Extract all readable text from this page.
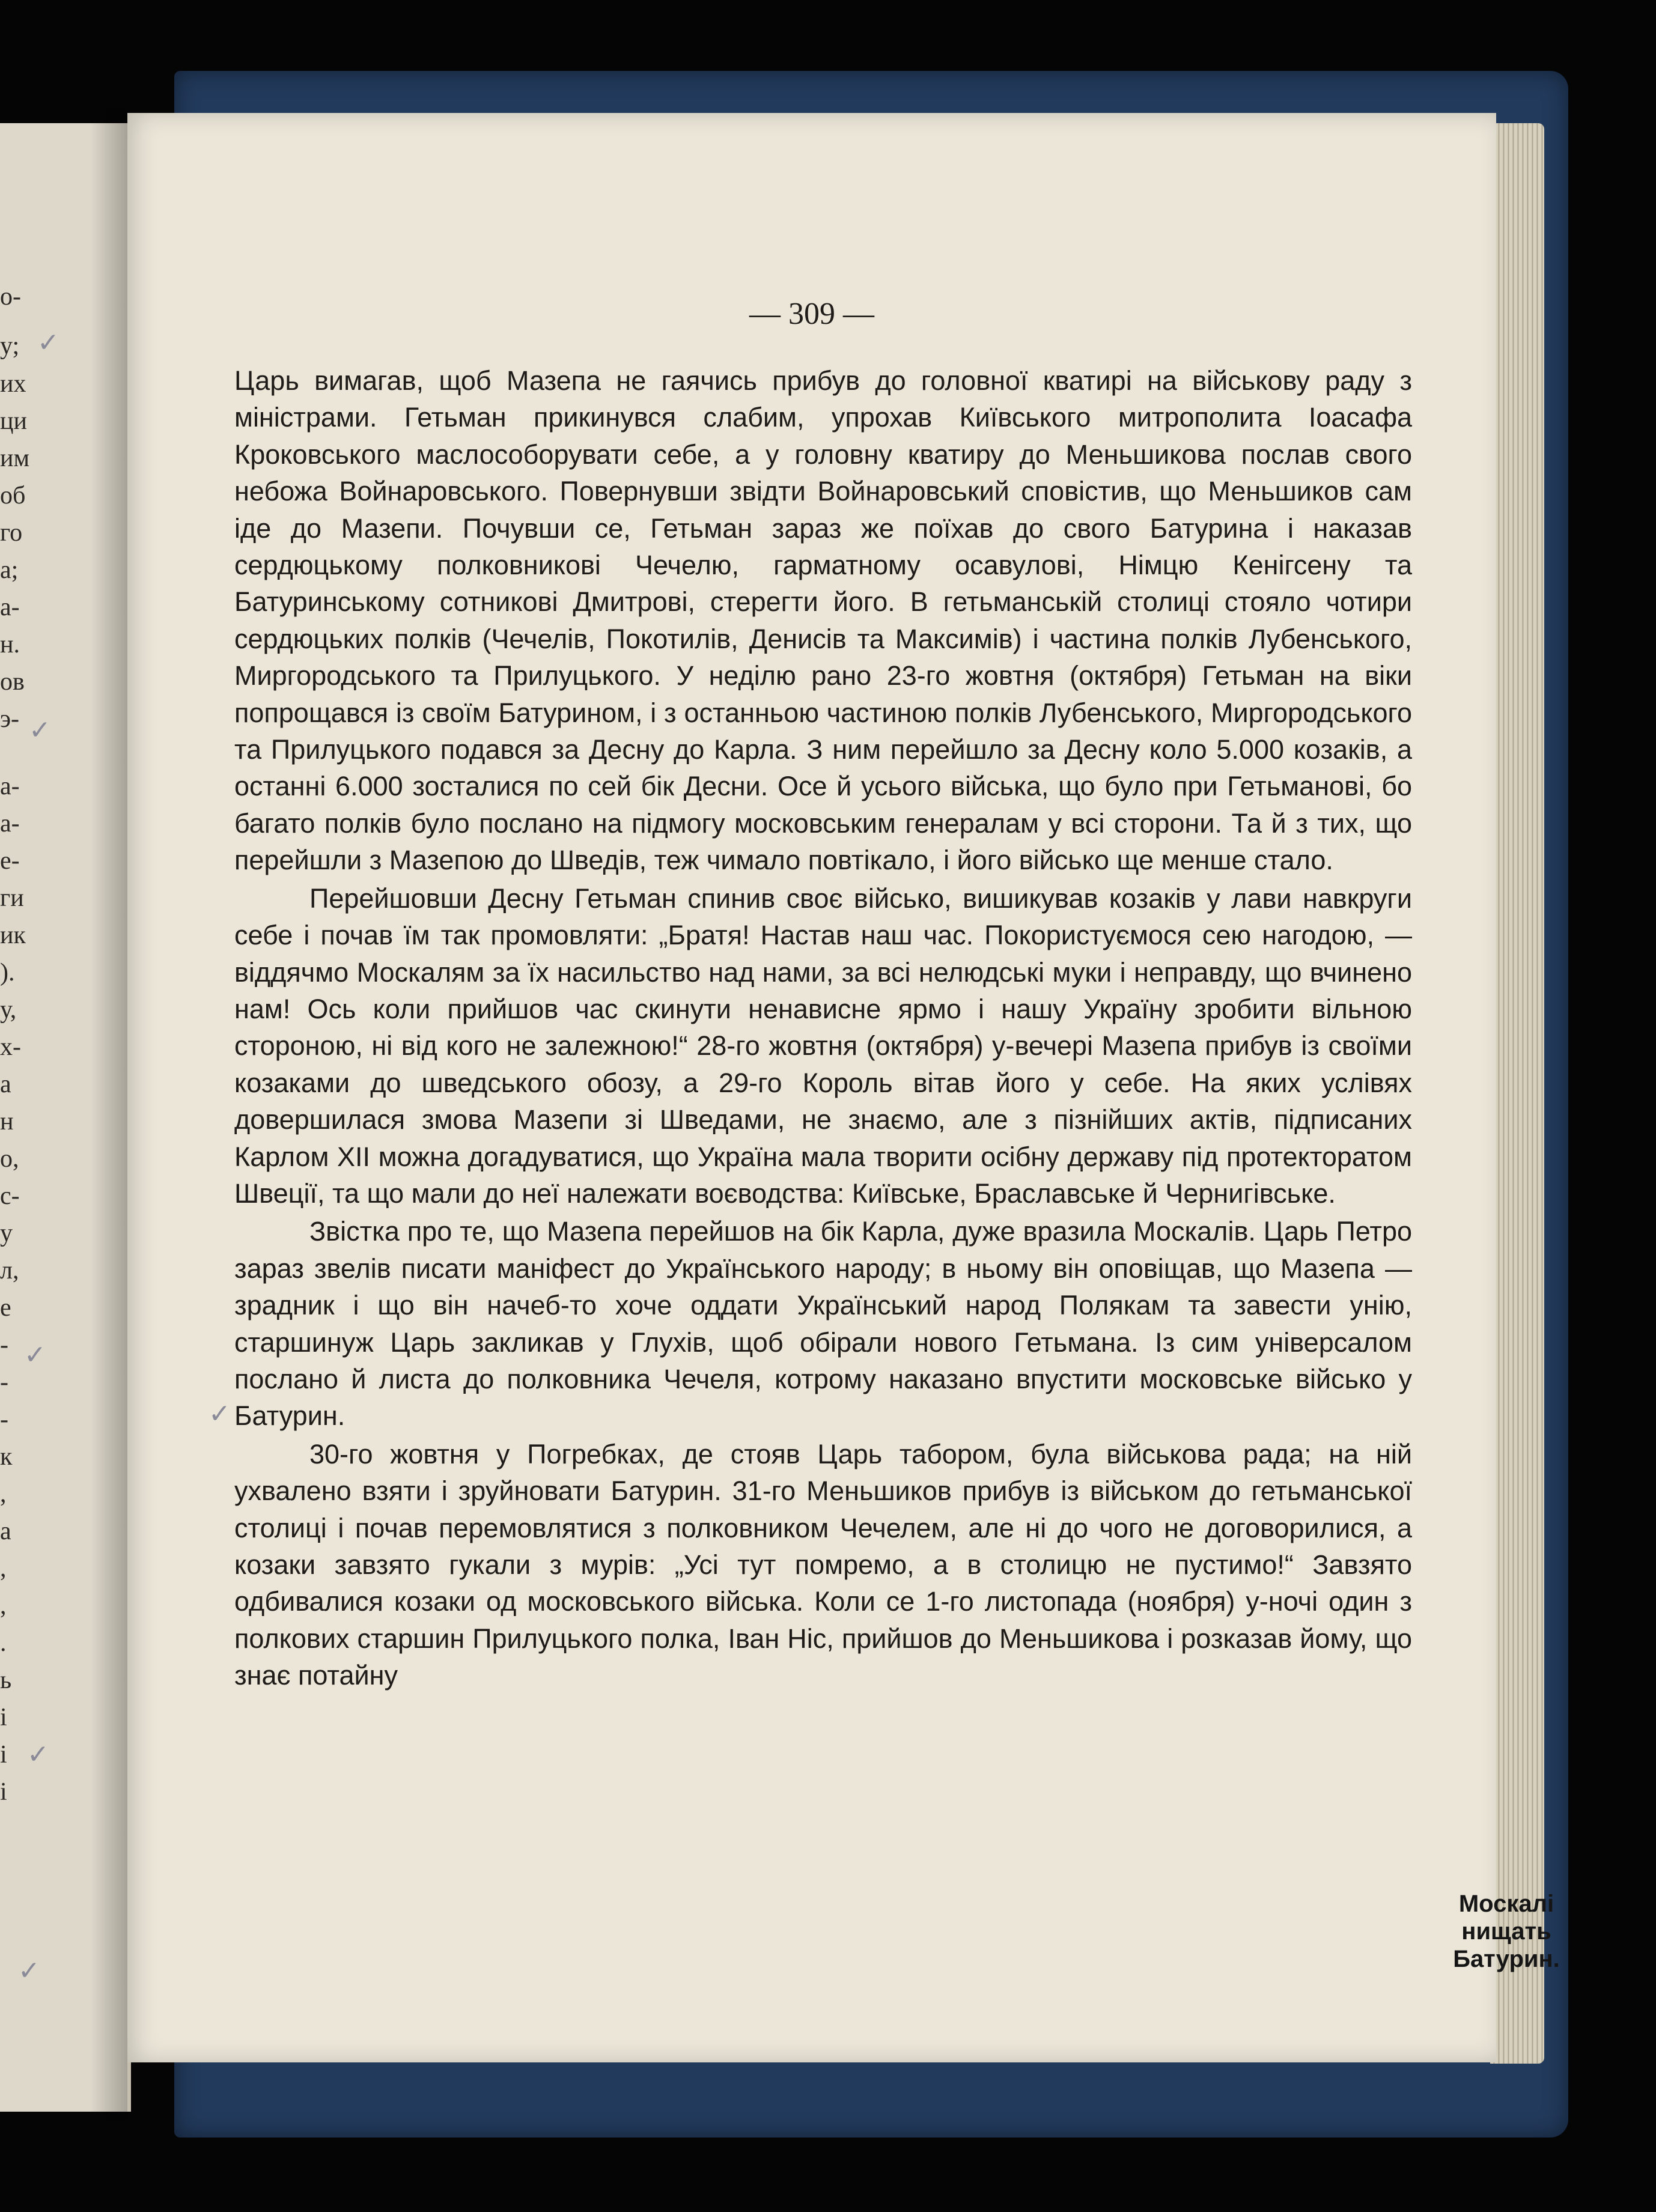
о-
у;
их
ци
им
об
го
а;
а-
н.
ов
э-
а-
а-
е-
ги
ик
).
у,
х-
а
н
о,
с-
у
л,
е
-
-
-
к
,
а
,
,
.
ь
і
і
і
✓
✓
✓
✓
✓
✓
— 309 —

Царь вимагав, щоб Мазепа не гаячись прибув до головної кватирі на військову раду з міністрами. Гетьман прикинувся слабим, упрохав Київського митрополита Іоасафа Кроковського маслособорувати себе, а у головну кватиру до Меньшикова послав свого небожа Войнаровського. Повернувши звідти Войнаровський сповістив, що Меньшиков сам іде до Мазепи. Почувши се, Гетьман зараз же поїхав до свого Батурина і наказав сердюцькому полковникові Чечелю, гарматному осавулові, Німцю Кенігсену та Батуринському сотникові Дмитрові, стерегти його. В гетьманській столиці стояло чотири сердюцьких полків (Чечелів, Покотилів, Денисів та Максимів) і частина полків Лубенського, Миргородського та Прилуцького. У неділю рано 23-го жовтня (октября) Гетьман на віки попрощався із своїм Батурином, і з останньою частиною полків Лубенського, Миргородського та Прилуцького подався за Десну до Карла. З ним перейшло за Десну коло 5.000 козаків, а останні 6.000 зосталися по сей бік Десни. Осе й усього війська, що було при Гетьманові, бо багато полків було послано на підмогу московським генералам у всі сторони. Та й з тих, що перейшли з Мазепою до Шведів, теж чимало повтікало, і його військо ще менше стало.

Перейшовши Десну Гетьман спинив своє військо, вишикував козаків у лави навкруги себе і почав їм так промовляти: „Братя! Настав наш час. Покористуємося сею нагодою, — віддячмо Москалям за їх насильство над нами, за всі нелюдські муки і неправду, що вчинено нам! Ось коли прийшов час скинути ненависне ярмо і нашу Україну зробити вільною стороною, ні від кого не залежною!“ 28-го жовтня (октября) у-вечері Мазепа прибув із своїми козаками до шведського обозу, а 29-го Король вітав його у себе. На яких услівях довершилася змова Мазепи зі Шведами, не знаємо, але з пізнійших актів, підписаних Карлом XII можна догадуватися, що Україна мала творити осібну державу під протекторатом Швеції, та що мали до неї належати воєводства: Київське, Браславське й Чернигівське.

Звістка про те, що Мазепа перейшов на бік Карла, дуже вразила Москалів. Царь Петро зараз звелів писати маніфест до Українського народу; в ньому він оповіщав, що Мазепа — зрадник і що він начеб-то хоче оддати Український народ Полякам та завести унію, старшинуж Царь закликав у Глухів, щоб обірали нового Гетьмана. Із сим універсалом послано й листа до полковника Чечеля, котрому наказано впустити московське військо у Батурин.

30-го жовтня у Погребках, де стояв Царь табором, була військова рада; на ній ухвалено взяти і зруйновати Батурин. 31-го Меньшиков прибув із військом до гетьманської столиці і почав перемовлятися з полковником Чечелем, але ні до чого не договорилися, а козаки завзято гукали з мурів: „Усі тут помремо, а в столицю не пустимо!“ Завзято одбивалися козаки од московського війська. Коли се 1-го листопада (ноября) у-ночі один з полкових старшин Прилуцького полка, Іван Ніс, прийшов до Меньшикова і розказав йому, що знає потайну

Москалі
нищать
Батурин.
